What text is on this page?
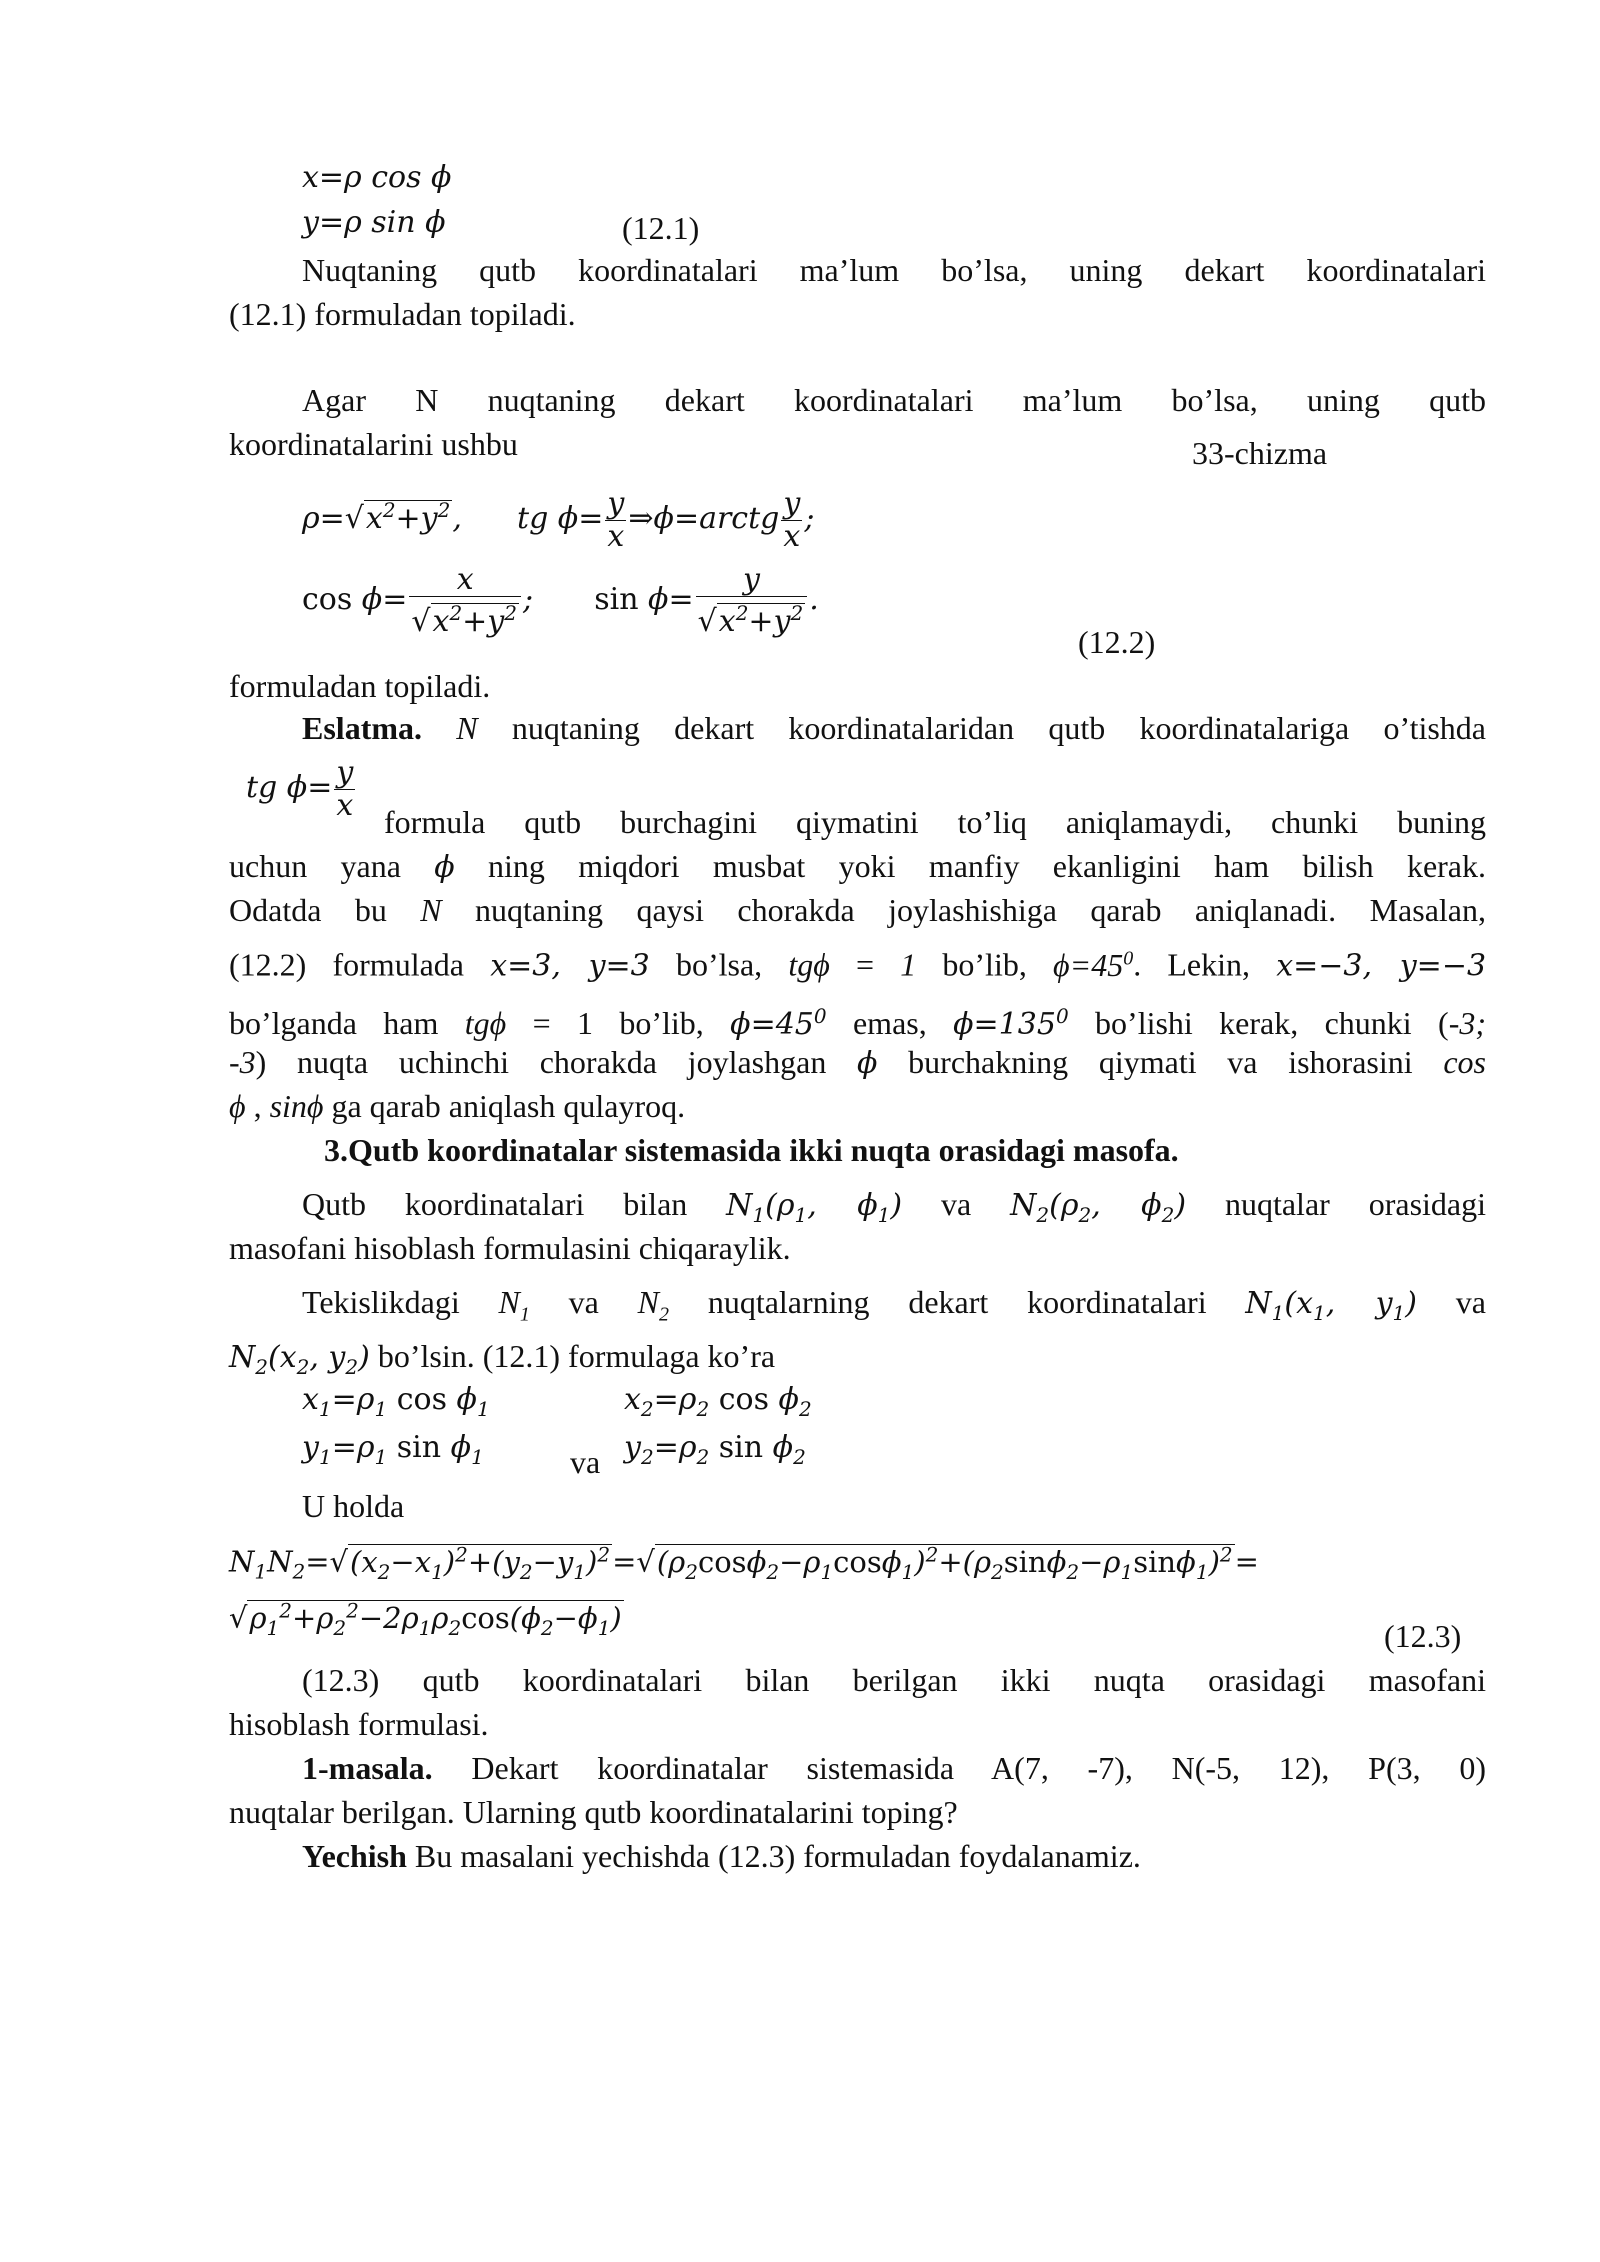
x=ρ cos ϕ
y=ρ sin ϕ	(12.1)
Nuqtaning qutb koordinatalari ma’lum bo’lsa, uning dekart koordinatalari
(12.1) formuladan topiladi.
Agar N nuqtaning dekart koordinatalari ma’lum bo’lsa, uning qutb
koordinatalarini ushbu	33-chizma
$\rho=√x^2+y^2$, tg $\phi= \frac{y}{x}$ ⇒ϕ=arctg $\frac{y}{x}$ ;
$\cos \phi= \frac{x}{√x^2+y^2}$ ; $\sin \phi= \frac{y}{√x^2+y^2}$ .
(12.2)
formuladan topiladi.
Eslatma. N nuqtaning dekart koordinatalaridan qutb koordinatalariga o’tishda
tg $\phi= \frac{y}{x}$
formula qutb burchagini qiymatini to’liq aniqlamaydi, chunki buning
uchun yana ϕ ning miqdori musbat yoki manfiy ekanligini ham bilish kerak.
Odatda bu N nuqtaning qaysi chorakda joylashishiga qarab aniqlanadi. Masalan,
(12.2) formulada x=3, y=3 bo’lsa, tgϕ = 1 bo’lib, $\phi=45^0$. Lekin, x=−3, y=−3
bo’lganda ham tgϕ = 1 bo’lib, $\phi=45^0$ emas, $\phi=135^0$ bo’lishi kerak, chunki (-3;
-3) nuqta uchinchi chorakda joylashgan ϕ burchakning qiymati va ishorasini cos
ϕ , sinϕ ga qarab aniqlash qulayroq.
3.Qutb koordinatalar sistemasida ikki nuqta orasidagi masofa.
Qutb koordinatalari bilan $N_1(\rho_1$, $\phi_1$) va $N_2(\rho_2$, $\phi_2$) nuqtalar orasidagi
masofani hisoblash formulasini chiqaraylik.
Tekislikdagi $N_1$ va $N_2$ nuqtalarning dekart koordinatalari $N_1(x_1$, $y_1$) va
$N_2(x_2$, $y_2$) bo’lsin. (12.1) formulaga ko’ra
$x_1=\rho_1$ $\cos \phi_1$	$x_2=\rho_2$ $\cos \phi_2$
$y_1=\rho_1$ $\sin \phi_1$	va $y_2=\rho_2$ $\sin \phi_2$
U holda
$N_1N_2=√(x_2-x_1)^2+(y_2-y_1)^2=√(\rho_2\cos\phi_2-\rho_1\cos\phi_1)^2+(\rho_2\sin\phi_2-\rho_1\sin\phi_1)^2=$
$√\rho_1^2+\rho_2^2-2\rho_1\rho_2\cos(\phi_2-\phi_1)$
(12.3)
(12.3) qutb koordinatalari bilan berilgan ikki nuqta orasidagi masofani
hisoblash formulasi.
1-masala. Dekart koordinatalar sistemasida A(7, -7), N(-5, 12), P(3, 0)
nuqtalar berilgan. Ularning qutb koordinatalarini toping?
Yechish Bu masalani yechishda (12.3) formuladan foydalanamiz.
